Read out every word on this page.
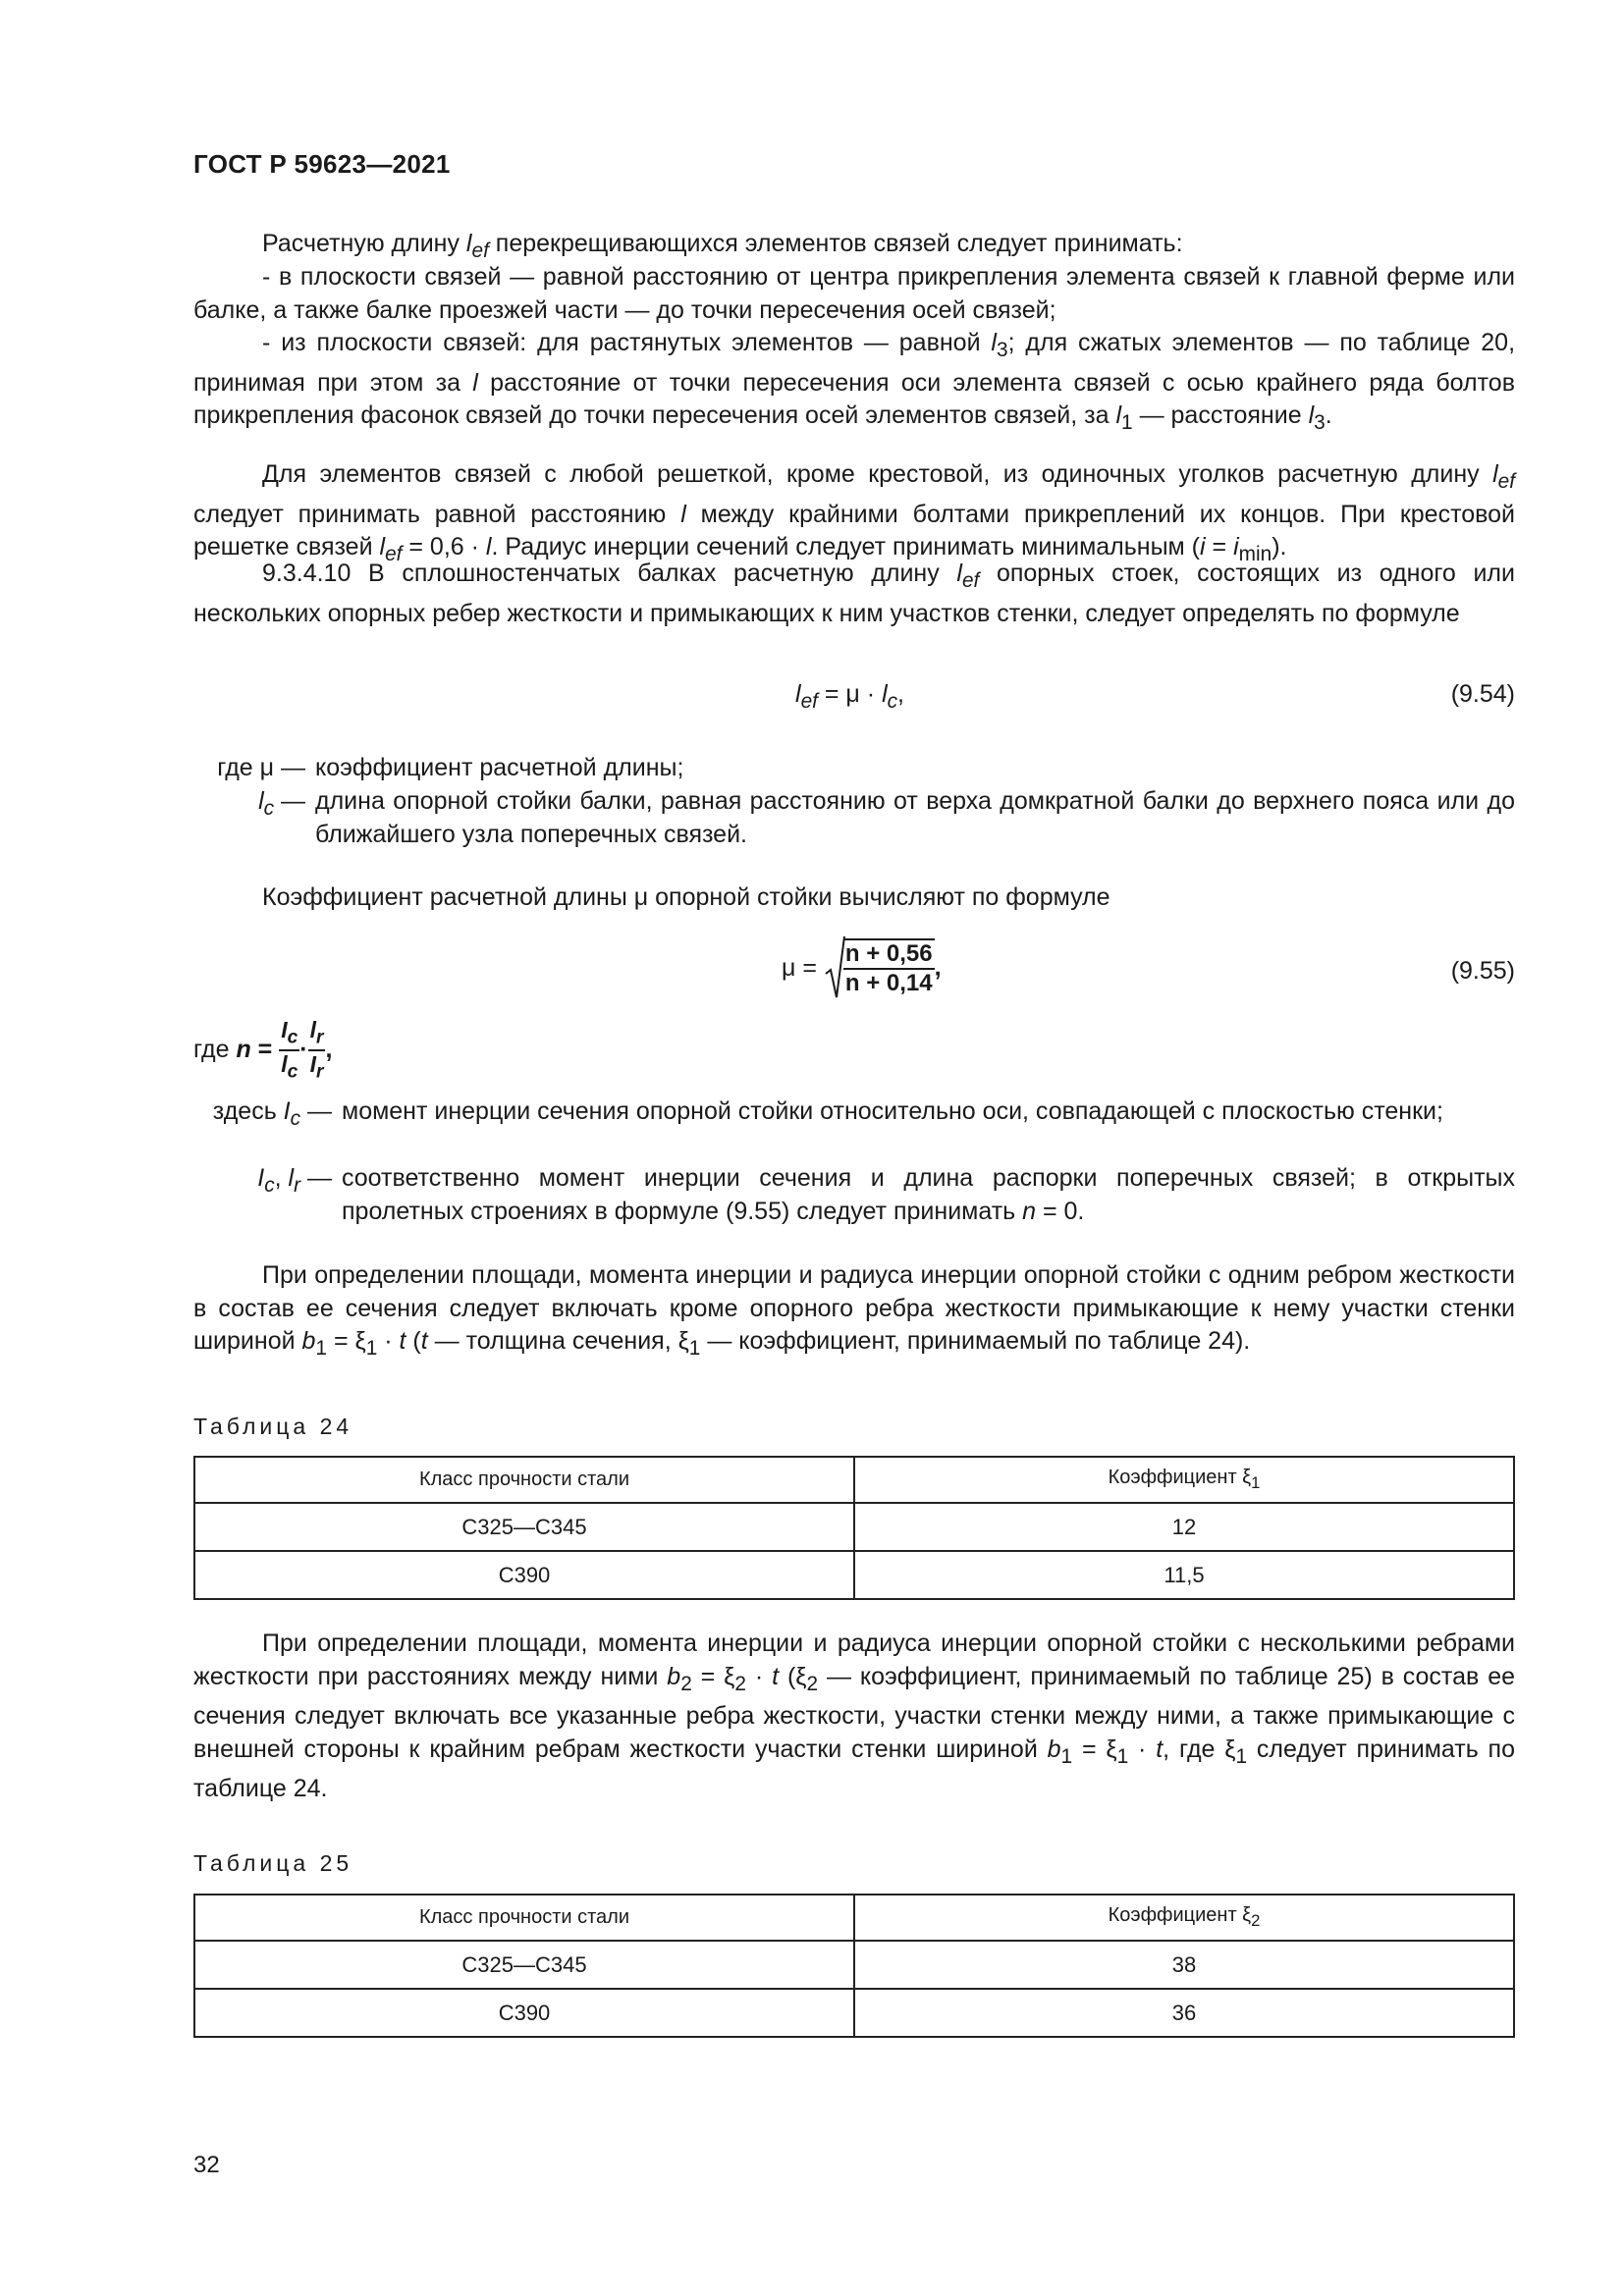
ГОСТ Р 59623—2021
Расчетную длину $l_{ef}$ перекрещивающихся элементов связей следует принимать:
- в плоскости связей — равной расстоянию от центра прикрепления элемента связей к главной ферме или балке, а также балке проезжей части — до точки пересечения осей связей;
- из плоскости связей: для растянутых элементов — равной $l_3$; для сжатых элементов — по таблице 20, принимая при этом за l расстояние от точки пересечения оси элемента связей с осью крайнего ряда болтов прикрепления фасонок связей до точки пересечения осей элементов связей, за $l_1$ — расстояние $l_3$.
Для элементов связей с любой решеткой, кроме крестовой, из одиночных уголков расчетную длину $l_{ef}$ следует принимать равной расстоянию l между крайними болтами прикреплений их концов. При крестовой решетке связей $l_{ef} = 0,6 \cdot l$. Радиус инерции сечений следует принимать минимальным $(i = i_{min})$.
9.3.4.10 В сплошностенчатых балках расчетную длину $l_{ef}$ опорных стоек, состоящих из одного или нескольких опорных ребер жесткости и примыкающих к ним участков стенки, следует определять по формуле
$l_{ef} = \mu \cdot l_c$,	(9.54)
где μ — коэффициент расчетной длины;
$l_c$ — длина опорной стойки балки, равная расстоянию от верха домкратной балки до верхнего пояса или до ближайшего узла поперечных связей.
Коэффициент расчетной длины μ опорной стойки вычисляют по формуле
$\mu = \frac{n + 0,56}{n + 0,14}$ ,	(9.55)
где $n = \frac{I_c}{l_c} \cdot \frac{l_r}{I_r}$ ,
здесь $I_c$ — момент инерции сечения опорной стойки относительно оси, совпадающей с плоскостью стенки;
$I_c$, $l_r$ — соответственно момент инерции сечения и длина распорки поперечных связей; в открытых пролетных строениях в формуле (9.55) следует принимать n = 0.
При определении площади, момента инерции и радиуса инерции опорной стойки с одним ребром жесткости в состав ее сечения следует включать кроме опорного ребра жесткости примыкающие к нему участки стенки шириной $b_1 = \xi_1 \cdot t$ (t — толщина сечения, $\xi_1$ — коэффициент, принимаемый по таблице 24).
Таблица 24
Класс прочности стали	Коэффициент $\xi_1$
С325—С345	12
С390	11,5
При определении площади, момента инерции и радиуса инерции опорной стойки с несколькими ребрами жесткости при расстояниях между ними $b_2 = \xi_2 \cdot t$ ($\xi_2$ — коэффициент, принимаемый по таблице 25) в состав ее сечения следует включать все указанные ребра жесткости, участки стенки между ними, а также примыкающие с внешней стороны к крайним ребрам жесткости участки стенки шириной $b_1 = \xi_1 \cdot t$, где $\xi_1$ следует принимать по таблице 24.
Таблица 25
Класс прочности стали	Коэффициент $\xi_2$
С325—С345	38
С390	36
32
